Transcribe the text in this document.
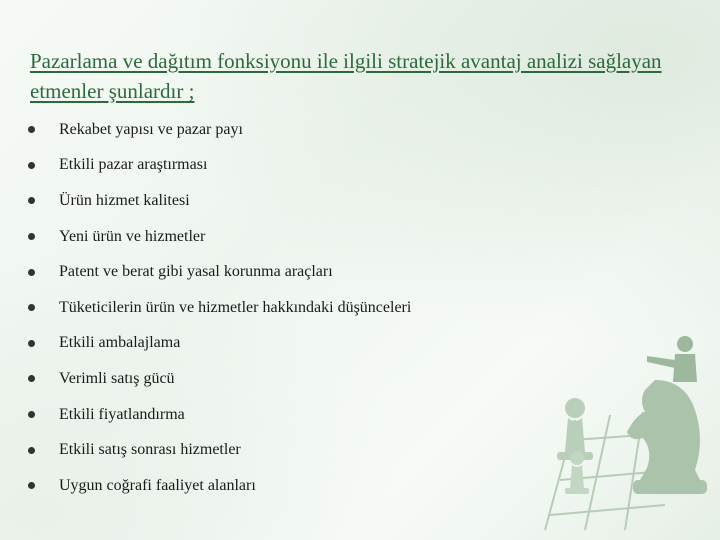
Pazarlama ve dağıtım fonksiyonu ile ilgili stratejik avantaj analizi sağlayan etmenler şunlardır ;
Rekabet yapısı ve pazar payı
Etkili pazar araştırması
Ürün hizmet kalitesi
Yeni ürün ve hizmetler
Patent ve berat gibi yasal korunma araçları
Tüketicilerin ürün ve hizmetler hakkındaki düşünceleri
Etkili ambalajlama
Verimli satış gücü
Etkili fiyatlandırma
Etkili satış sonrası hizmetler
Uygun coğrafi faaliyet alanları
